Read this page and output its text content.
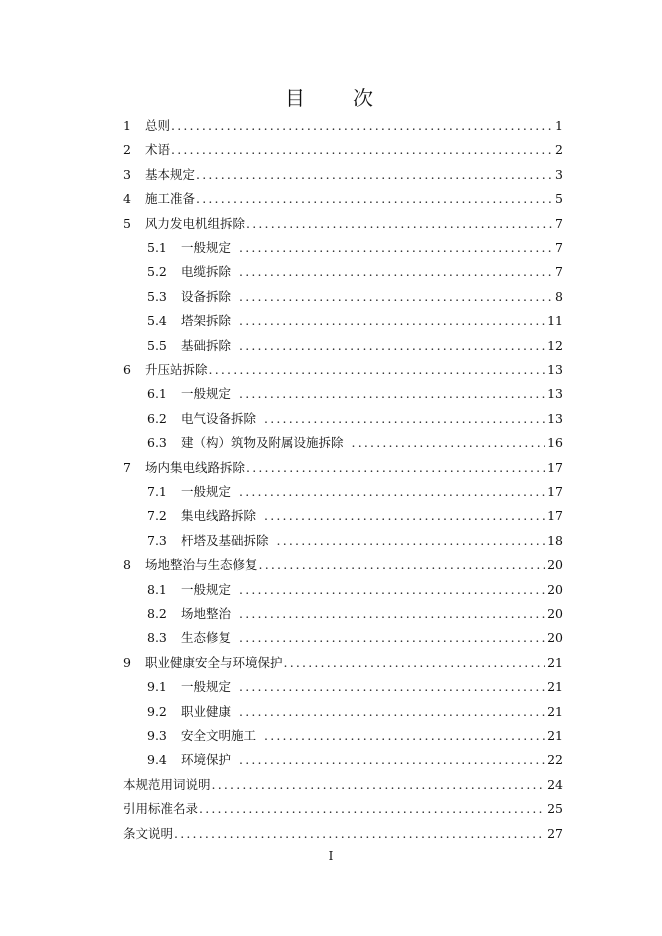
目　次
1	总则 .....	1
2	术语 .....	2
3	基本规定 .....	3
4	施工准备 .....	5
5	风力发电机组拆除 .....	7
5.1	一般规定 .....	7
5.2	电缆拆除 .....	7
5.3	设备拆除 .....	8
5.4	塔架拆除 .....	11
5.5	基础拆除 .....	12
6	升压站拆除 .....	13
6.1	一般规定 .....	13
6.2	电气设备拆除 .....	13
6.3	建（构）筑物及附属设施拆除 .....	16
7	场内集电线路拆除 .....	17
7.1	一般规定 .....	17
7.2	集电线路拆除 .....	17
7.3	杆塔及基础拆除 .....	18
8	场地整治与生态修复 .....	20
8.1	一般规定 .....	20
8.2	场地整治 .....	20
8.3	生态修复 .....	20
9	职业健康安全与环境保护 .....	21
9.1	一般规定 .....	21
9.2	职业健康 .....	21
9.3	安全文明施工 .....	21
9.4	环境保护 .....	22
本规范用词说明 .....	24
引用标准名录 .....	25
条文说明 .....	27
I
